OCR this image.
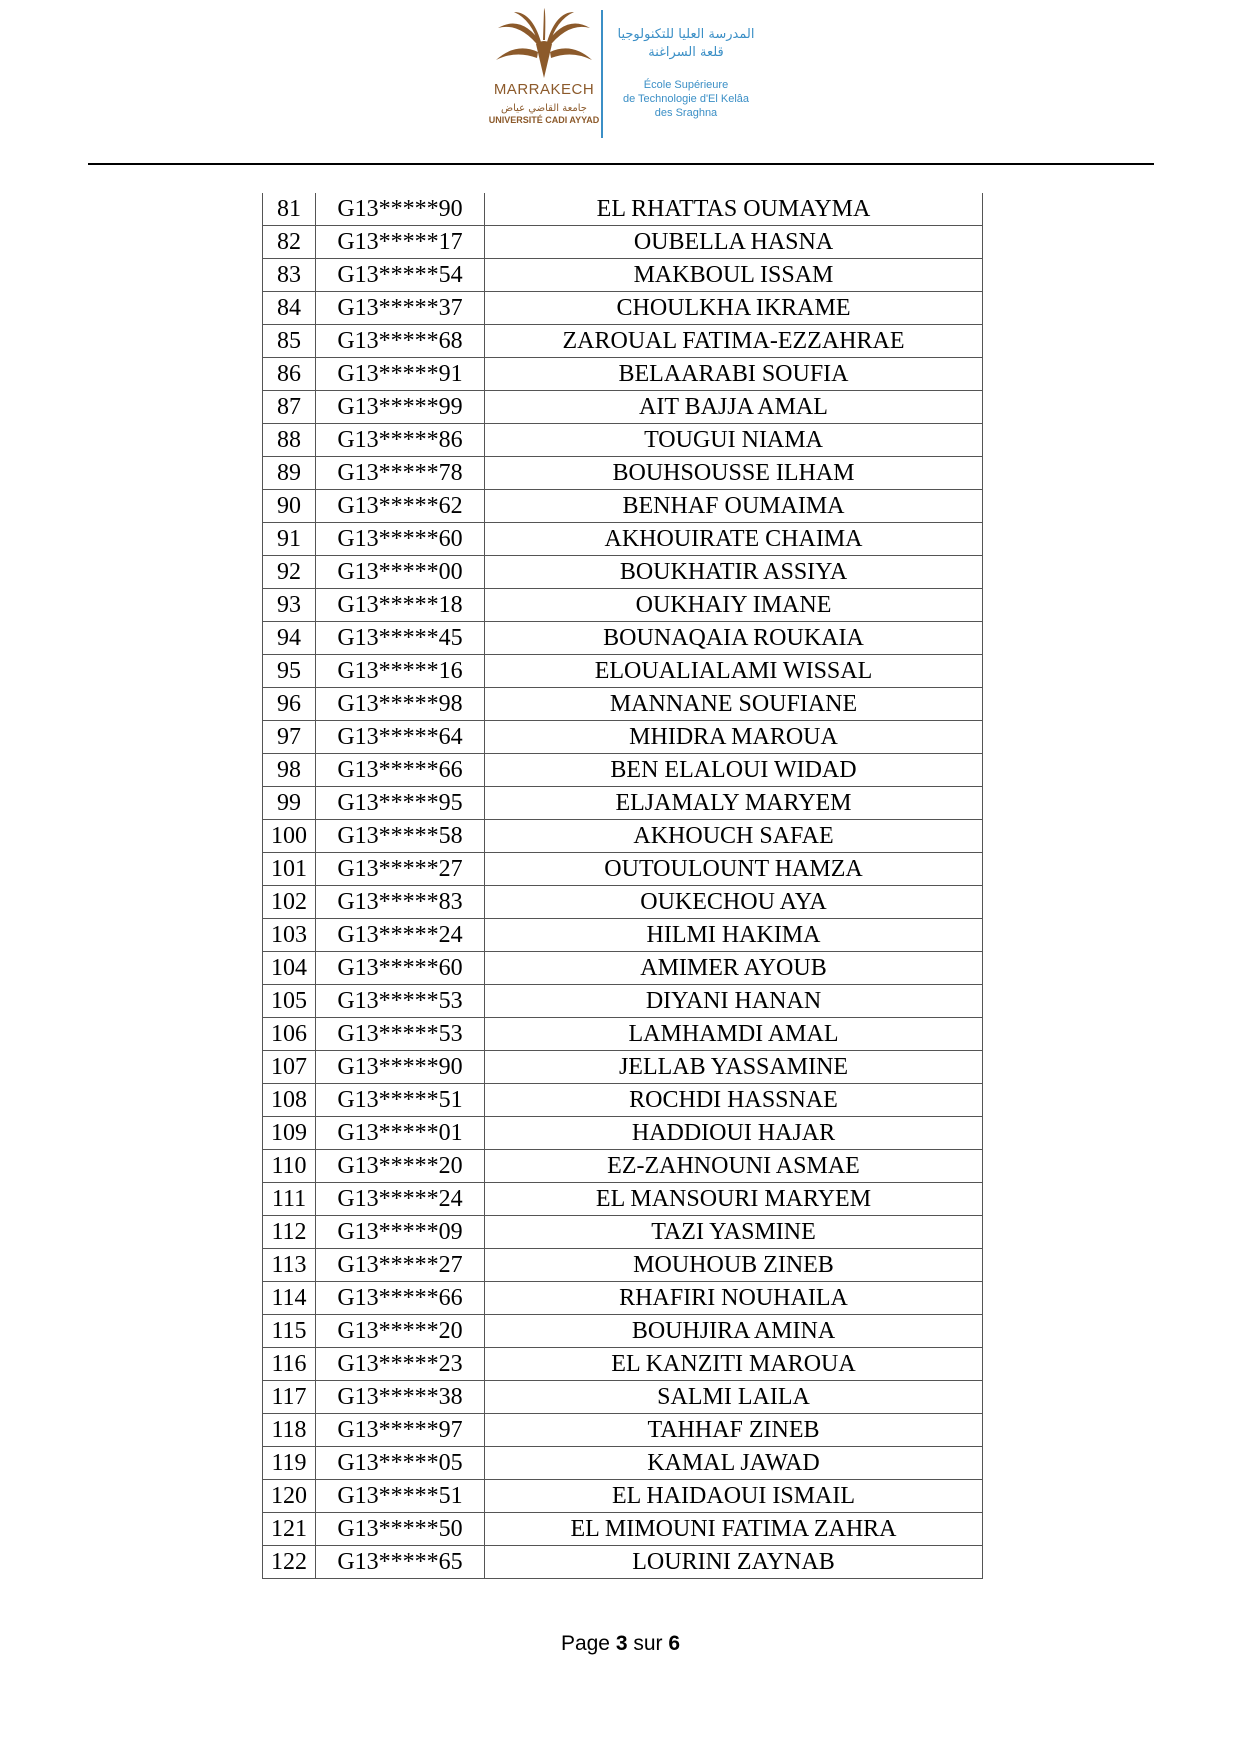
MARRAKECH
جامعة القاضي عياض
UNIVERSITÉ CADI AYYAD
المدرسة العليا للتكنولوجيا
قلعة السراغنة
École Supérieure
de Technologie d'El Kelâa
des Sraghna
81	G13*****90	EL RHATTAS OUMAYMA
82	G13*****17	OUBELLA HASNA
83	G13*****54	MAKBOUL ISSAM
84	G13*****37	CHOULKHA IKRAME
85	G13*****68	ZAROUAL FATIMA-EZZAHRAE
86	G13*****91	BELAARABI SOUFIA
87	G13*****99	AIT BAJJA AMAL
88	G13*****86	TOUGUI NIAMA
89	G13*****78	BOUHSOUSSE ILHAM
90	G13*****62	BENHAF OUMAIMA
91	G13*****60	AKHOUIRATE CHAIMA
92	G13*****00	BOUKHATIR ASSIYA
93	G13*****18	OUKHAIY IMANE
94	G13*****45	BOUNAQAIA ROUKAIA
95	G13*****16	ELOUALIALAMI WISSAL
96	G13*****98	MANNANE SOUFIANE
97	G13*****64	MHIDRA MAROUA
98	G13*****66	BEN ELALOUI WIDAD
99	G13*****95	ELJAMALY MARYEM
100	G13*****58	AKHOUCH SAFAE
101	G13*****27	OUTOULOUNT HAMZA
102	G13*****83	OUKECHOU AYA
103	G13*****24	HILMI HAKIMA
104	G13*****60	AMIMER AYOUB
105	G13*****53	DIYANI HANAN
106	G13*****53	LAMHAMDI AMAL
107	G13*****90	JELLAB YASSAMINE
108	G13*****51	ROCHDI HASSNAE
109	G13*****01	HADDIOUI HAJAR
110	G13*****20	EZ-ZAHNOUNI ASMAE
111	G13*****24	EL MANSOURI MARYEM
112	G13*****09	TAZI YASMINE
113	G13*****27	MOUHOUB ZINEB
114	G13*****66	RHAFIRI NOUHAILA
115	G13*****20	BOUHJIRA AMINA
116	G13*****23	EL KANZITI MAROUA
117	G13*****38	SALMI LAILA
118	G13*****97	TAHHAF ZINEB
119	G13*****05	KAMAL JAWAD
120	G13*****51	EL HAIDAOUI ISMAIL
121	G13*****50	EL MIMOUNI FATIMA ZAHRA
122	G13*****65	LOURINI ZAYNAB
Page 3 sur 6
